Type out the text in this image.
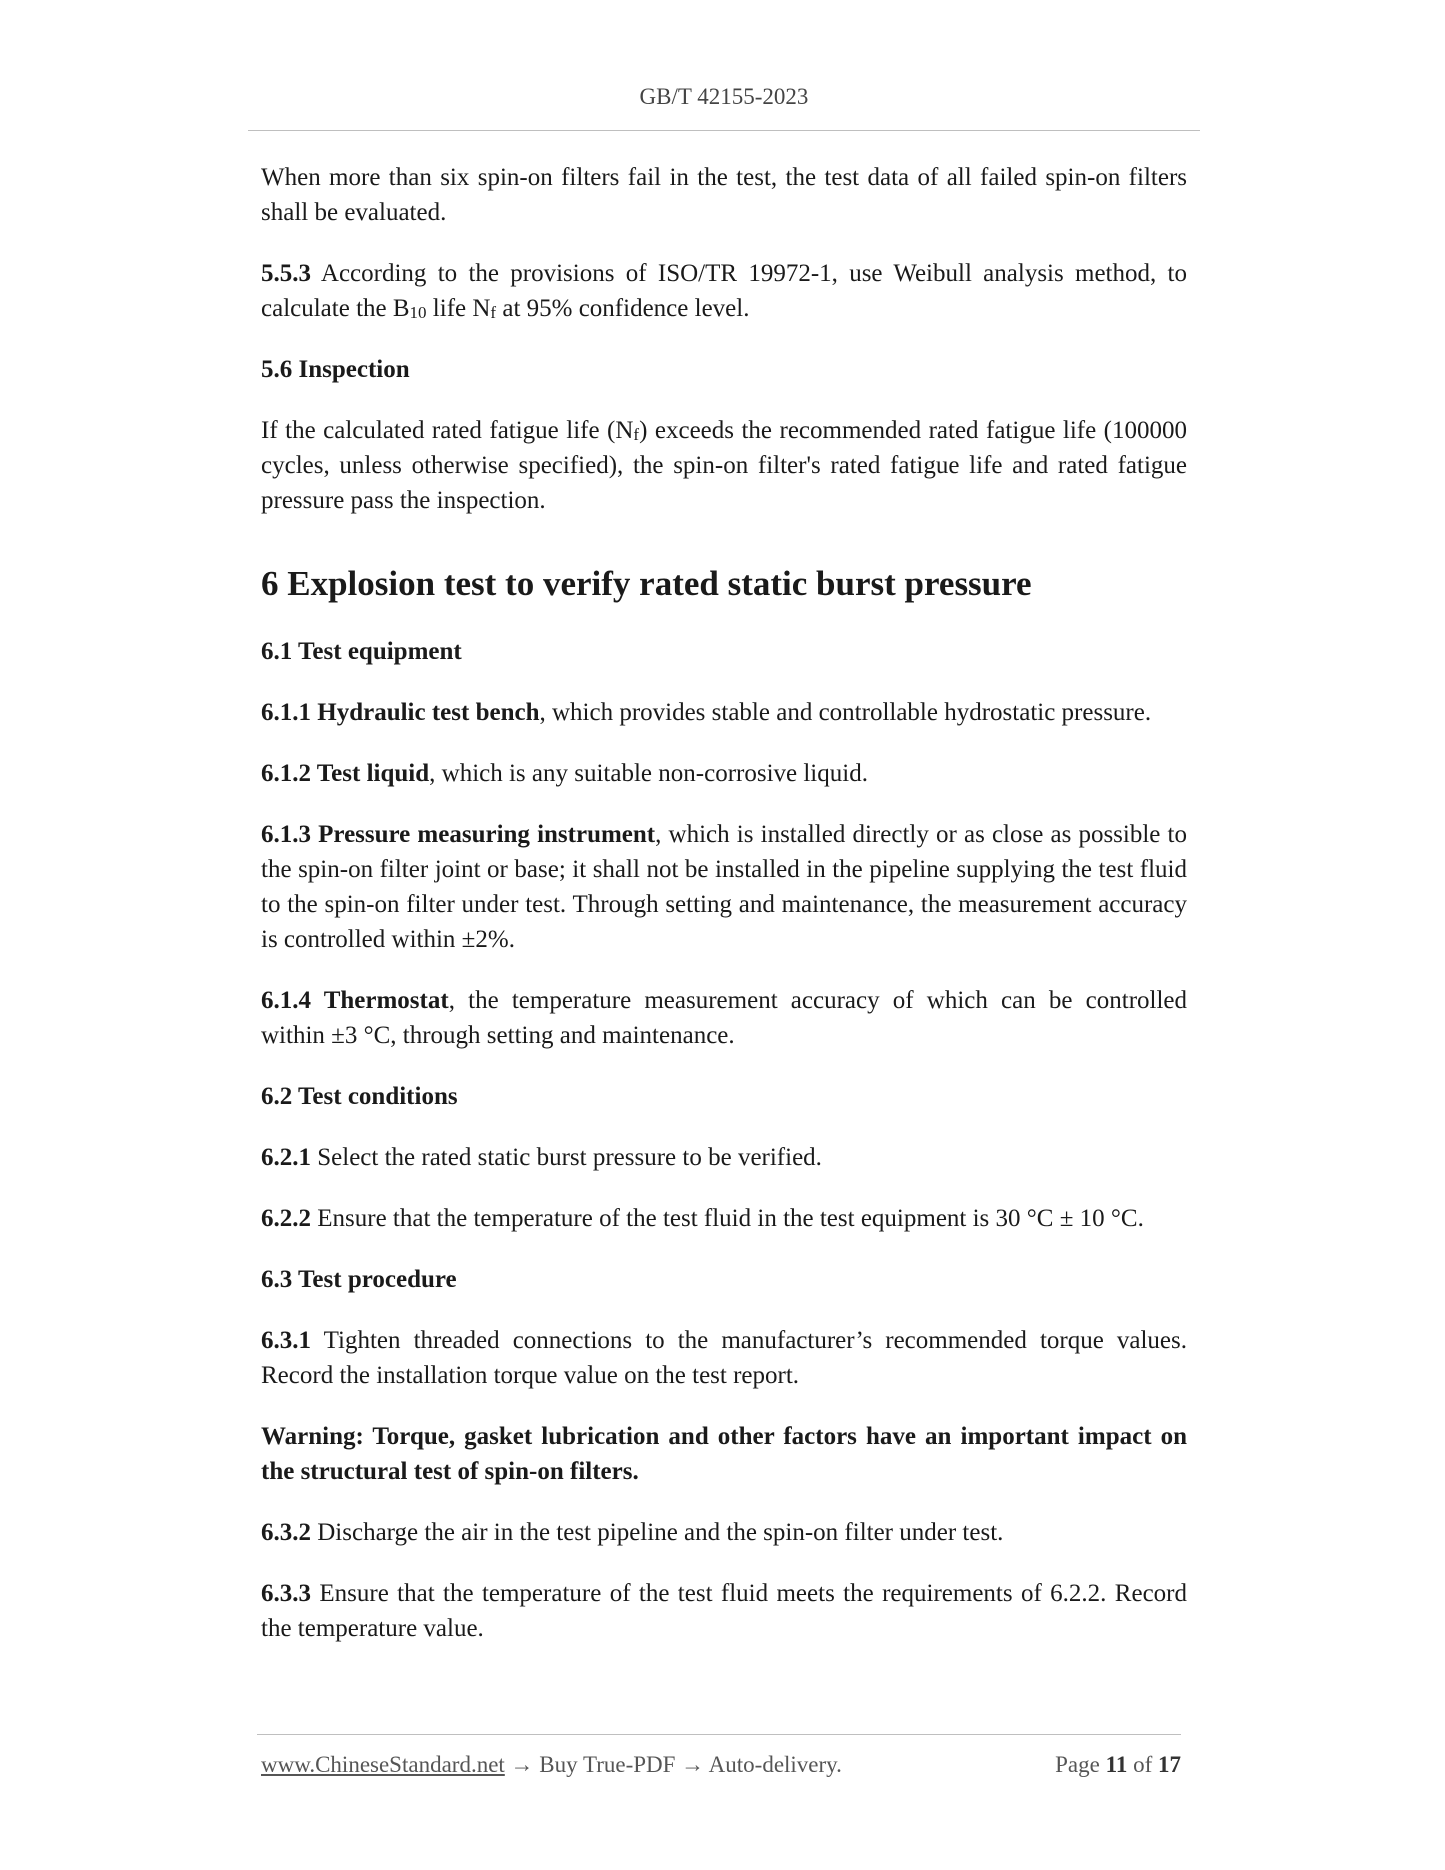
GB/T 42155-2023

When more than six spin-on filters fail in the test, the test data of all failed spin-on filters shall be evaluated.

5.5.3 According to the provisions of ISO/TR 19972-1, use Weibull analysis method, to calculate the $B_{10}$ life $N_f$ at 95% confidence level.

5.6 Inspection

If the calculated rated fatigue life $(N_f)$ exceeds the recommended rated fatigue life (100000 cycles, unless otherwise specified), the spin-on filter's rated fatigue life and rated fatigue pressure pass the inspection.

6 Explosion test to verify rated static burst pressure

6.1 Test equipment

6.1.1 Hydraulic test bench, which provides stable and controllable hydrostatic pressure.

6.1.2 Test liquid, which is any suitable non-corrosive liquid.

6.1.3 Pressure measuring instrument, which is installed directly or as close as possible to the spin-on filter joint or base; it shall not be installed in the pipeline supplying the test fluid to the spin-on filter under test. Through setting and maintenance, the measurement accuracy is controlled within ±2%.

6.1.4 Thermostat, the temperature measurement accuracy of which can be controlled within ±3 °C, through setting and maintenance.

6.2 Test conditions

6.2.1 Select the rated static burst pressure to be verified.

6.2.2 Ensure that the temperature of the test fluid in the test equipment is 30 °C ± 10 °C.

6.3 Test procedure

6.3.1 Tighten threaded connections to the manufacturer’s recommended torque values. Record the installation torque value on the test report.

Warning: Torque, gasket lubrication and other factors have an important impact on the structural test of spin-on filters.

6.3.2 Discharge the air in the test pipeline and the spin-on filter under test.

6.3.3 Ensure that the temperature of the test fluid meets the requirements of 6.2.2. Record the temperature value.

www.ChineseStandard.net → Buy True-PDF → Auto-delivery.	Page 11 of 17
